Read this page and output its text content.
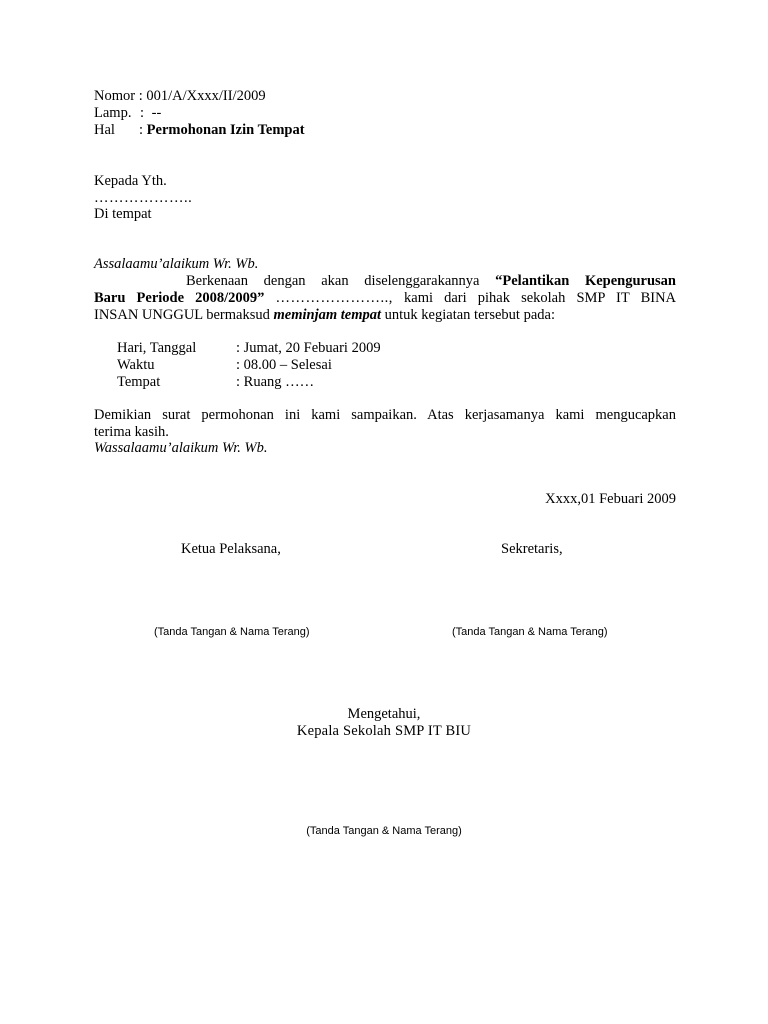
Nomor : 001/A/Xxxx/II/2009
Lamp. : --
Hal : Permohonan Izin Tempat
Kepada Yth.
………………..
Di tempat
Assalaamu’alaikum Wr. Wb.
Berkenaan dengan akan diselenggarakannya “Pelantikan Kepengurusan
Baru Periode 2008/2009” ………………….., kami dari pihak sekolah SMP IT BINA
INSAN UNGGUL bermaksud meminjam tempat untuk kegiatan tersebut pada:
Hari, Tanggal	: Jumat, 20 Febuari 2009
Waktu	: 08.00 – Selesai
Tempat	: Ruang ……
Demikian surat permohonan ini kami sampaikan. Atas kerjasamanya kami mengucapkan
terima kasih.
Wassalaamu’alaikum Wr. Wb.
Xxxx,01 Febuari 2009
Ketua Pelaksana,	Sekretaris,
(Tanda Tangan & Nama Terang)	(Tanda Tangan & Nama Terang)
Mengetahui,
Kepala Sekolah SMP IT BIU
(Tanda Tangan & Nama Terang)
